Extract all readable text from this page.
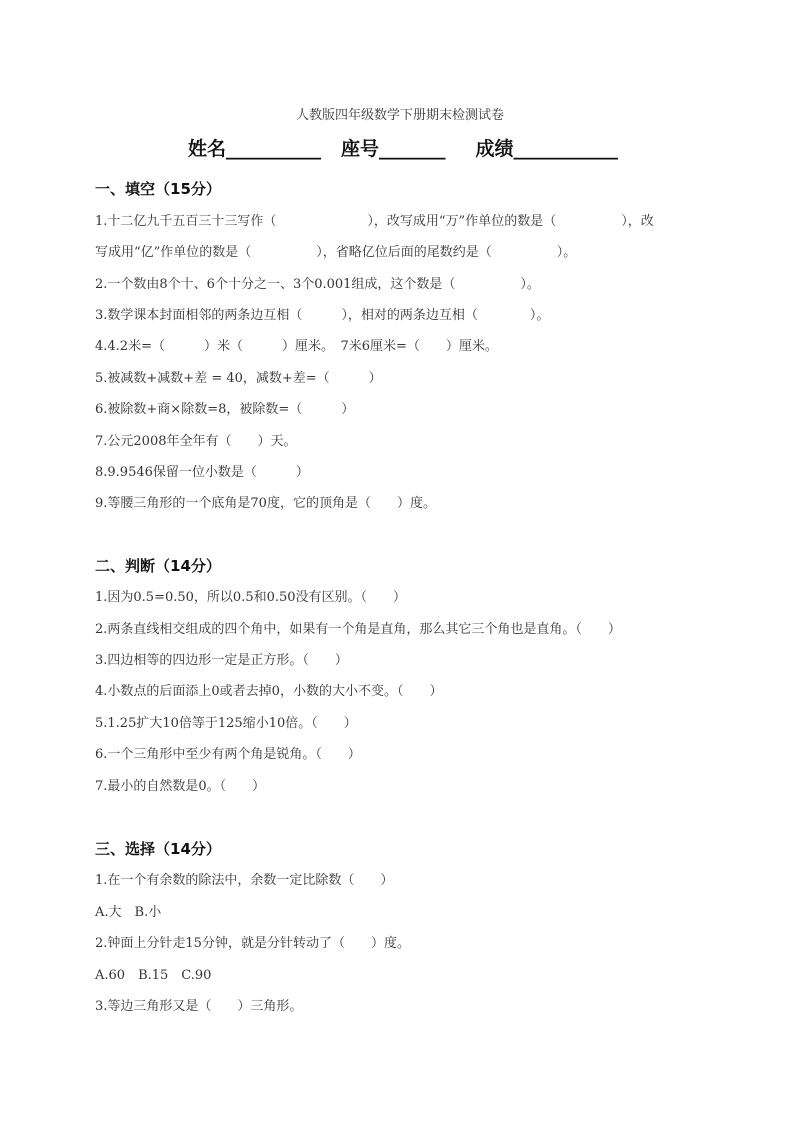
人教版四年级数学下册期末检测试卷
姓名__________ 座号_______ 成绩___________
一、填空（15分）
1.十二亿九千五百三十三写作（　　　　　　　），改写成用“万”作单位的数是（　　　　　），改
写成用“亿”作单位的数是（　　　　　），省略亿位后面的尾数约是（　　　　　）。
2.一个数由8个十、6个十分之一、3个0.001组成，这个数是（　　　　　）。
3.数学课本封面相邻的两条边互相（　　　），相对的两条边互相（　　　　）。
4.4.2米=（　　　）米（　　　）厘米。　7米6厘米=（　　）厘米。
5.被减数+减数+差 = 40，减数+差=（　　　）
6.被除数+商×除数=8，被除数=（　　　）
7.公元2008年全年有（　　）天。
8.9.9546保留一位小数是（　　　）
9.等腰三角形的一个底角是70度，它的顶角是（　　）度。
二、判断（14分）
1.因为0.5=0.50，所以0.5和0.50没有区别。（　　）
2.两条直线相交组成的四个角中，如果有一个角是直角，那么其它三个角也是直角。（　　）
3.四边相等的四边形一定是正方形。（　　）
4.小数点的后面添上0或者去掉0，小数的大小不变。（　　）
5.1.25扩大10倍等于125缩小10倍。（　　）
6.一个三角形中至少有两个角是锐角。（　　）
7.最小的自然数是0。（　　）
三、选择（14分）
1.在一个有余数的除法中，余数一定比除数（　　）
A.大　B.小
2.钟面上分针走15分钟，就是分针转动了（　　）度。
A.60　B.15　C.90
3.等边三角形又是（　　）三角形。
